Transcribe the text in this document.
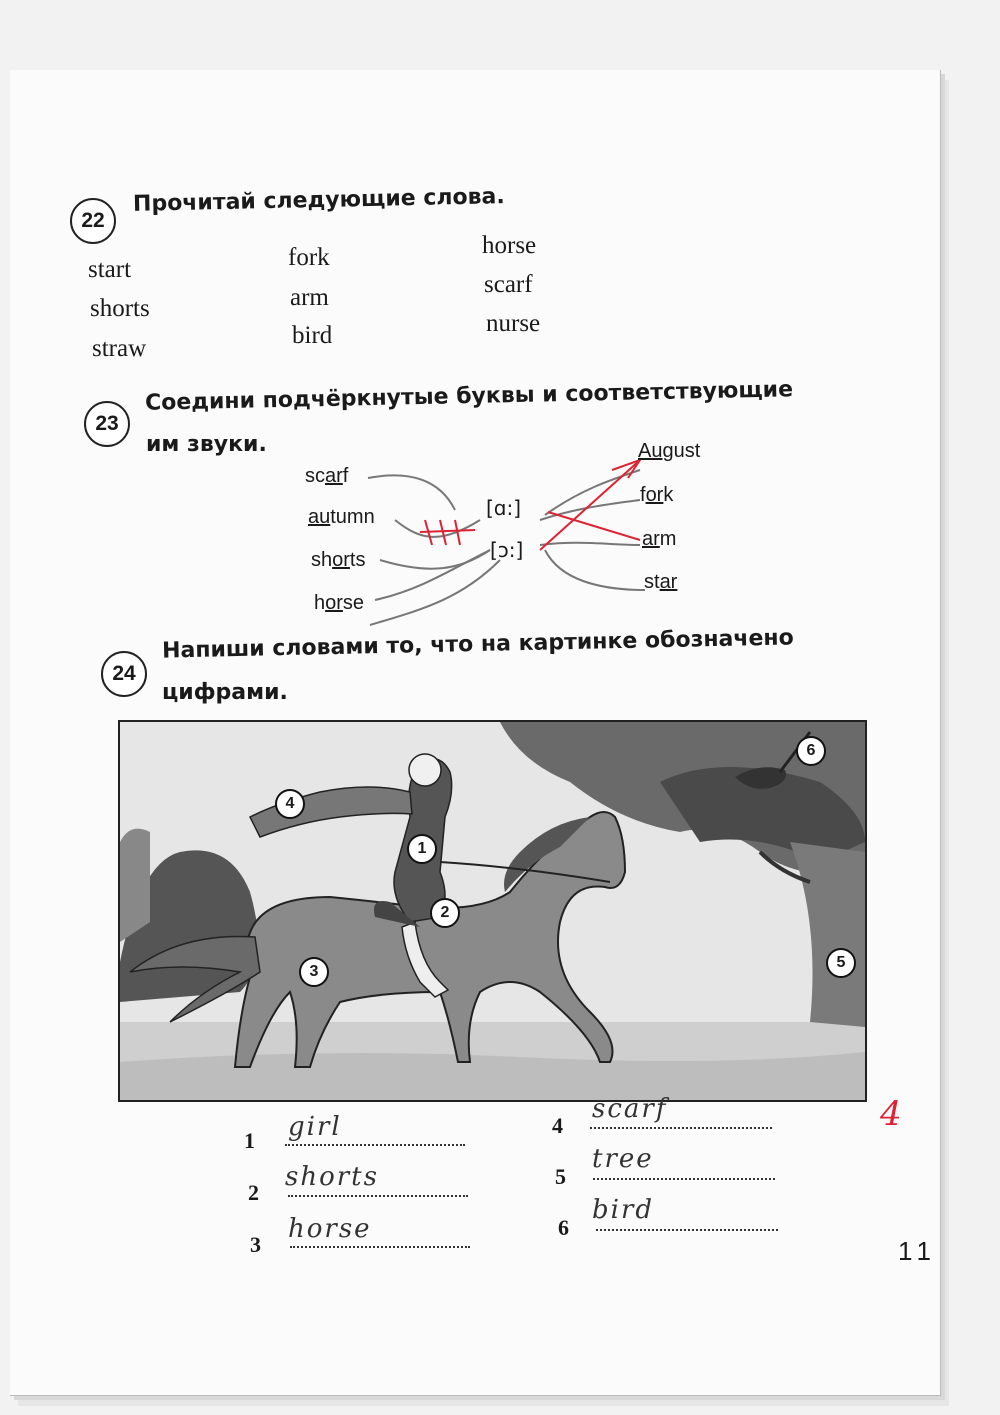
22
Прочитай следующие слова.
start
shorts
straw
fork
arm
bird
horse
scarf
nurse
23
Соедини подчёркнутые буквы и соответствующие
им звуки.
scarf
autumn
shorts
horse
[ɑ:]
[ɔ:]
August
fork
arm
star
24
Напиши словами то, что на картинке обозначено
цифрами.
1
2
3
4
5
6
1 girl
2
shorts
3
horse
4
scarf
5
tree
6
bird
4
11
